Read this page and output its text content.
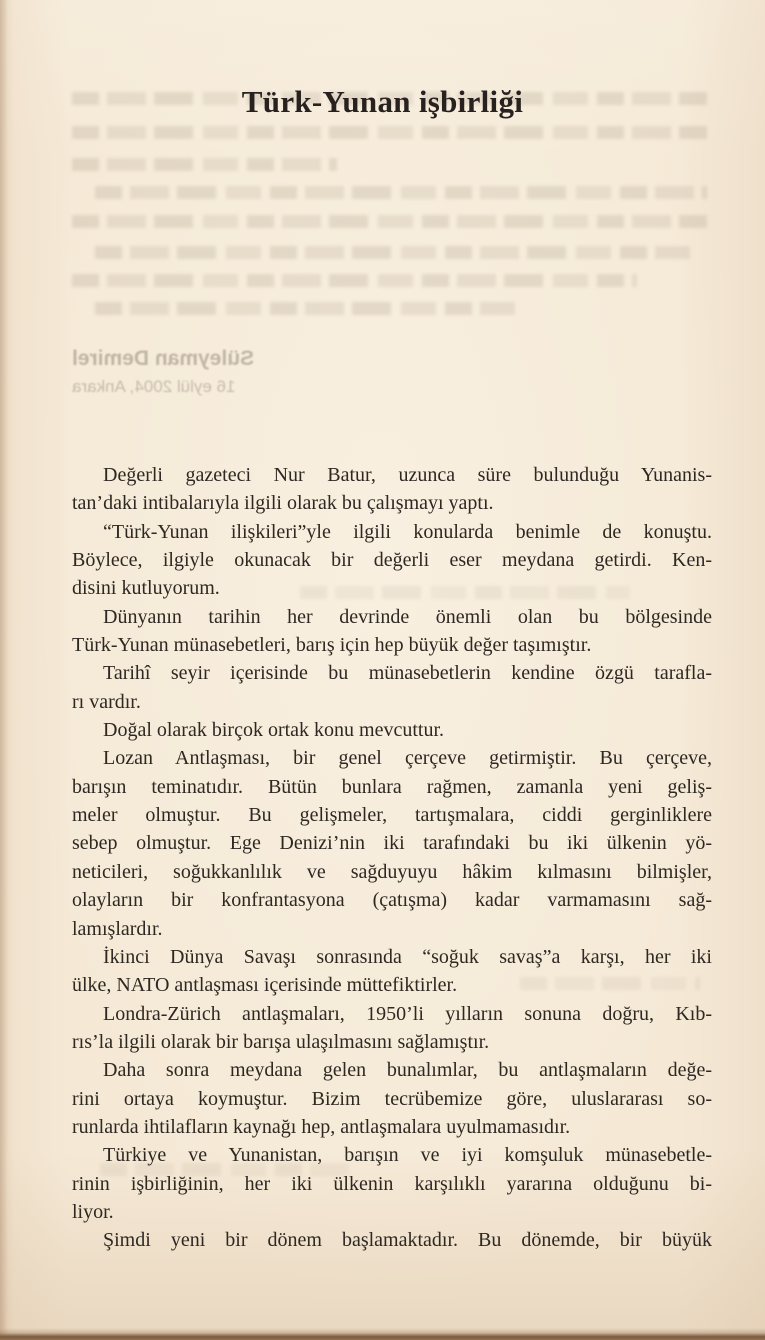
Süleyman Demirel
16 eylül 2004, Ankara
Türk-Yunan işbirliği
Değerli gazeteci Nur Batur, uzunca süre bulunduğu Yunanis-
tan’daki intibalarıyla ilgili olarak bu çalışmayı yaptı.
“Türk-Yunan ilişkileri”yle ilgili konularda benimle de konuştu.
Böylece, ilgiyle okunacak bir değerli eser meydana getirdi. Ken-
disini kutluyorum.
Dünyanın tarihin her devrinde önemli olan bu bölgesinde
Türk-Yunan münasebetleri, barış için hep büyük değer taşımıştır.
Tarihî seyir içerisinde bu münasebetlerin kendine özgü tarafla-
rı vardır.
Doğal olarak birçok ortak konu mevcuttur.
Lozan Antlaşması, bir genel çerçeve getirmiştir. Bu çerçeve,
barışın teminatıdır. Bütün bunlara rağmen, zamanla yeni geliş-
meler olmuştur. Bu gelişmeler, tartışmalara, ciddi gerginliklere
sebep olmuştur. Ege Denizi’nin iki tarafındaki bu iki ülkenin yö-
neticileri, soğukkanlılık ve sağduyuyu hâkim kılmasını bilmişler,
olayların bir konfrantasyona (çatışma) kadar varmamasını sağ-
lamışlardır.
İkinci Dünya Savaşı sonrasında “soğuk savaş”a karşı, her iki
ülke, NATO antlaşması içerisinde müttefiktirler.
Londra-Zürich antlaşmaları, 1950’li yılların sonuna doğru, Kıb-
rıs’la ilgili olarak bir barışa ulaşılmasını sağlamıştır.
Daha sonra meydana gelen bunalımlar, bu antlaşmaların değe-
rini ortaya koymuştur. Bizim tecrübemize göre, uluslararası so-
runlarda ihtilafların kaynağı hep, antlaşmalara uyulmamasıdır.
Türkiye ve Yunanistan, barışın ve iyi komşuluk münasebetle-
rinin işbirliğinin, her iki ülkenin karşılıklı yararına olduğunu bi-
liyor.
Şimdi yeni bir dönem başlamaktadır. Bu dönemde, bir büyük
